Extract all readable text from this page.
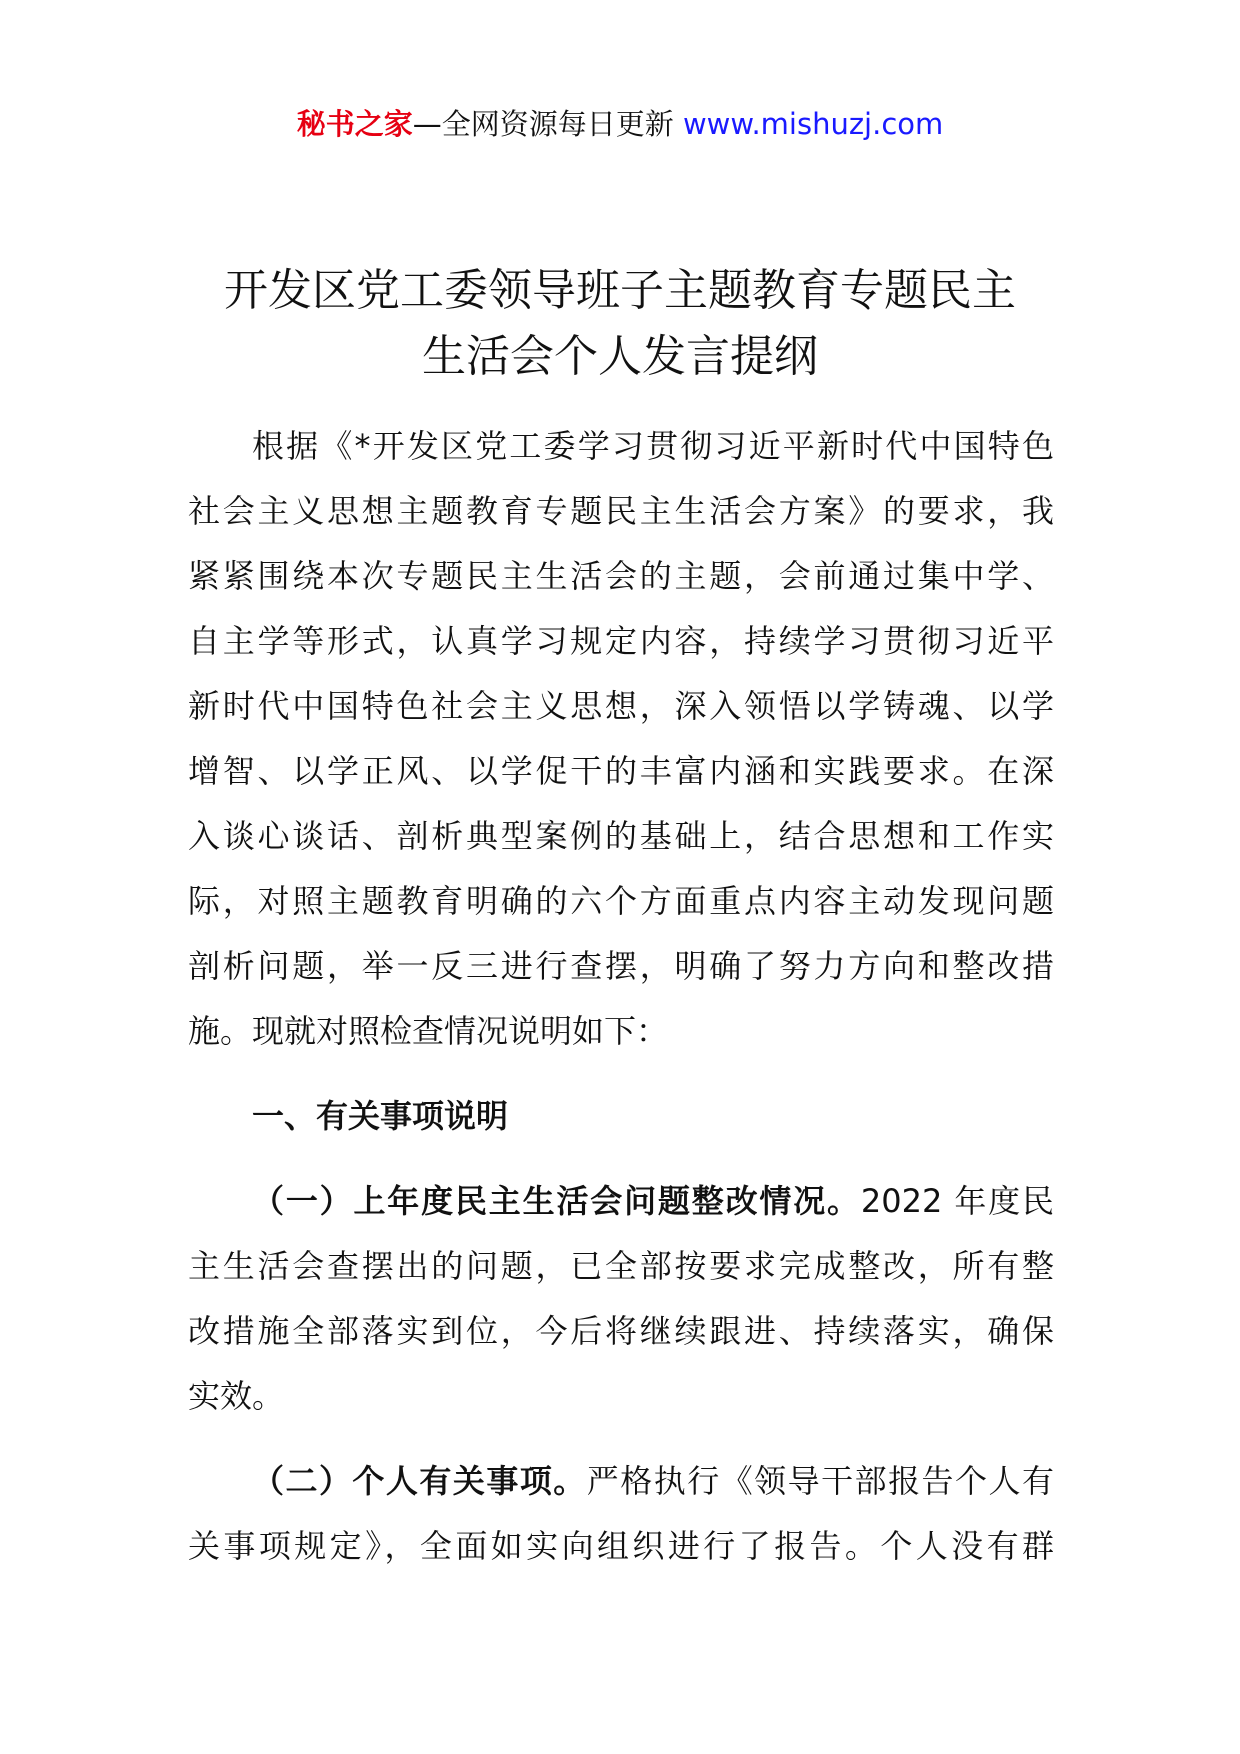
秘书之家—全网资源每日更新 www.mishuzj.com
开发区党工委领导班子主题教育专题民主
生活会个人发言提纲
根据《*开发区党工委学习贯彻习近平新时代中国特色
社会主义思想主题教育专题民主生活会方案》的要求，我
紧紧围绕本次专题民主生活会的主题，会前通过集中学、
自主学等形式，认真学习规定内容，持续学习贯彻习近平
新时代中国特色社会主义思想，深入领悟以学铸魂、以学
增智、以学正风、以学促干的丰富内涵和实践要求。在深
入谈心谈话、剖析典型案例的基础上，结合思想和工作实
际，对照主题教育明确的六个方面重点内容主动发现问题
剖析问题，举一反三进行查摆，明确了努力方向和整改措
施。现就对照检查情况说明如下：
一、有关事项说明
（一）上年度民主生活会问题整改情况。2022 年度民
主生活会查摆出的问题，已全部按要求完成整改，所有整
改措施全部落实到位，今后将继续跟进、持续落实，确保
实效。
（二）个人有关事项。严格执行《领导干部报告个人有
关事项规定》，全面如实向组织进行了报告。个人没有群
